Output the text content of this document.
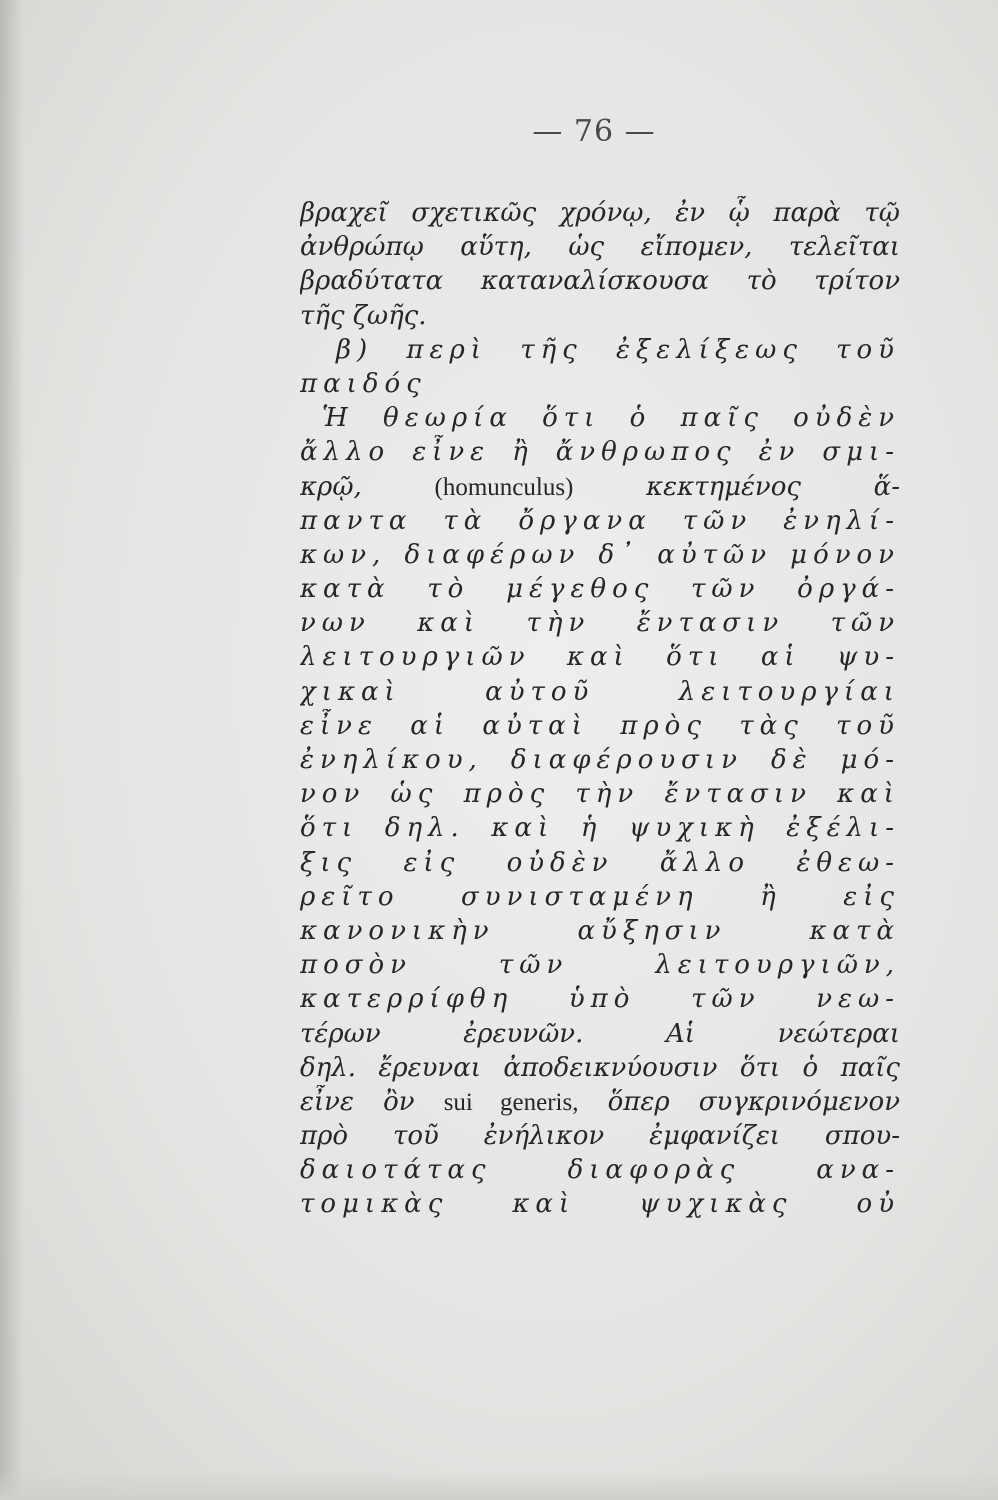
— 76 —
βραχεῖ σχετικῶς χρόνῳ, ἐν ᾧ παρὰ τῷ
ἀνθρώπῳ αὕτη, ὡς εἴπομεν, τελεῖται
βραδύτατα καταναλίσκουσα τὸ τρίτον
τῆς ζωῆς.
β) περὶ τῆς ἐξελίξεως τοῦ
παιδός
Ἡ θεωρία ὅτι ὁ παῖς οὐδὲν
ἄλλο εἶνε ἢ ἄνθρωπος ἐν σμι-
κρῷ, (homunculus) κεκτημένος ἅ-
παντα τὰ ὄργανα τῶν ἐνηλί-
κων, διαφέρων δ᾽ αὐτῶν μόνον
κατὰ τὸ μέγεθος τῶν ὀργά-
νων καὶ τὴν ἔντασιν τῶν
λειτουργιῶν καὶ ὅτι αἱ ψυ-
χικαὶ αὐτοῦ λειτουργίαι
εἶνε αἱ αὐταὶ πρὸς τὰς τοῦ
ἐνηλίκου, διαφέρουσιν δὲ μό-
νον ὡς πρὸς τὴν ἔντασιν καὶ
ὅτι δηλ. καὶ ἡ ψυχικὴ ἐξέλι-
ξις εἰς οὐδὲν ἄλλο ἐθεω-
ρεῖτο συνισταμένη ἢ εἰς
κανονικὴν αὔξησιν κατὰ
ποσὸν τῶν λειτουργιῶν,
κατερρίφθη ὑπὸ τῶν νεω-
τέρων ἐρευνῶν. Αἱ νεώτεραι
δηλ. ἔρευναι ἀποδεικνύουσιν ὅτι ὁ παῖς
εἶνε ὂν sui generis, ὅπερ συγκρινόμενον
πρὸ τοῦ ἐνήλικον ἐμφανίζει σπου-
δαιοτάτας διαφορὰς ανα-
τομικὰς καὶ ψυχικὰς οὐ
